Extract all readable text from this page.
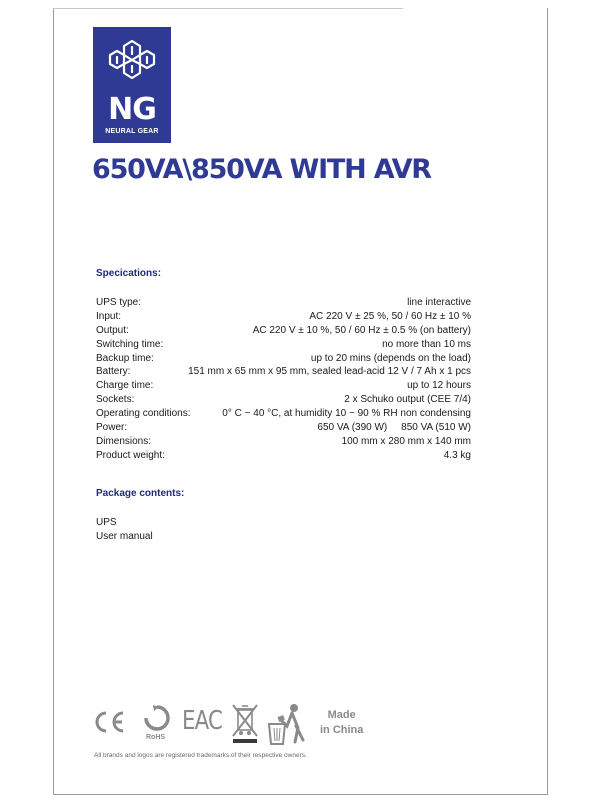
NG
NEURAL GEAR
650VA\850VA WITH AVR
Specications:
UPS type:	line interactive
Input:	AC 220 V ± 25 %, 50 / 60 Hz ± 10 %
Output:	AC 220 V ± 10 %, 50 / 60 Hz ± 0.5 % (on battery)
Switching time:	no more than 10 ms
Backup time:	up to 20 mins (depends on the load)
Battery:	151 mm x 65 mm x 95 mm, sealed lead-acid 12 V / 7 Ah x 1 pcs
Charge time:	up to 12 hours
Sockets:	2 x Schuko output (CEE 7/4)
Operating conditions:	0° C ~ 40 °C, at humidity 10 ~ 90 % RH non condensing
Power:	650 VA (390 W)     850 VA (510 W)
Dimensions:	100 mm x 280 mm x 140 mm
Product weight:	4.3 kg
Package contents:
UPS
User manual
RoHS
EAC	Made
in China
All brands and logos are registered trademarks of their respective owners.
